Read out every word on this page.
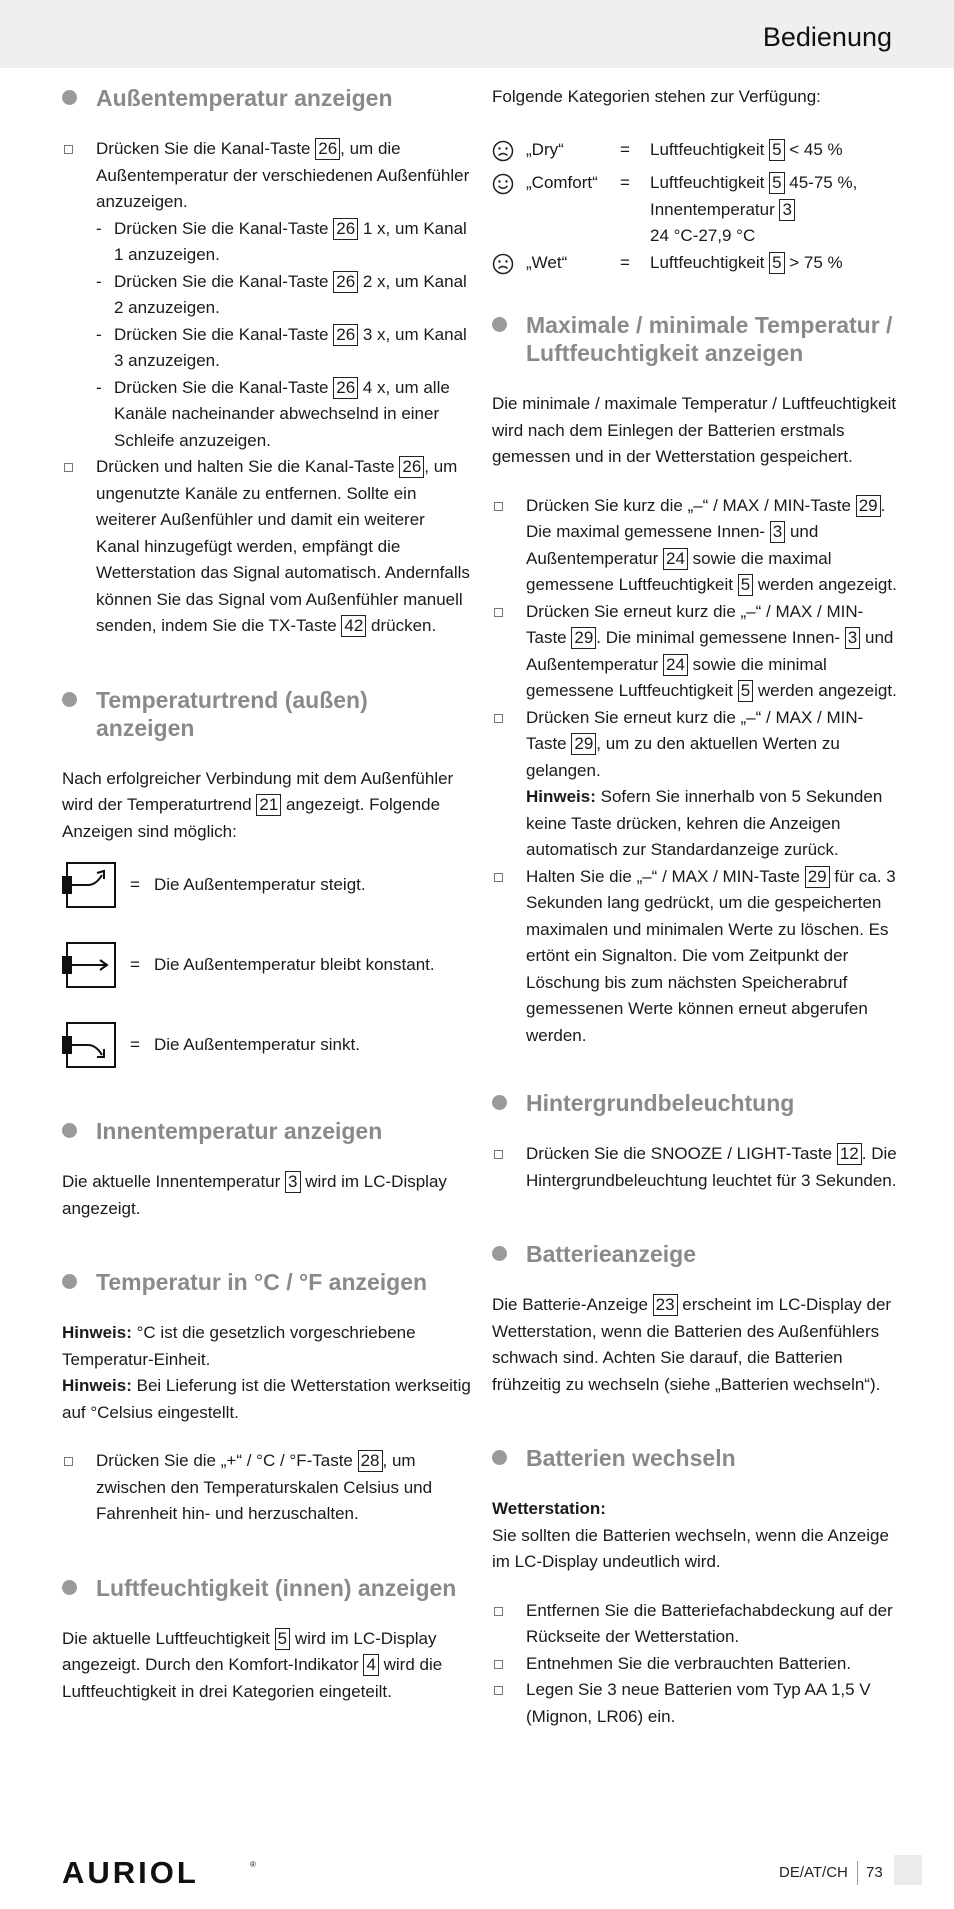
Bedienung
Außentemperatur anzeigen
Drücken Sie die Kanal-Taste 26 , um die Außentemperatur der verschiedenen Außenfühler anzuzeigen.
- Drücken Sie die Kanal-Taste 26 1 x, um Kanal 1 anzuzeigen.
- Drücken Sie die Kanal-Taste 26 2 x, um Kanal 2 anzuzeigen.
- Drücken Sie die Kanal-Taste 26 3 x, um Kanal 3 anzuzeigen.
- Drücken Sie die Kanal-Taste 26 4 x, um alle Kanäle nacheinander abwechselnd in einer Schleife anzuzeigen.
Drücken und halten Sie die Kanal-Taste 26 , um ungenutzte Kanäle zu entfernen. Sollte ein weiterer Außenfühler und damit ein weiterer Kanal hinzugefügt werden, empfängt die Wetterstation das Signal automatisch. Andernfalls können Sie das Signal vom Außenfühler manuell senden, indem Sie die TX-Taste 42 drücken.
Temperaturtrend (außen) anzeigen

Nach erfolgreicher Verbindung mit dem Außenfühler wird der Temperaturtrend 21 angezeigt. Folgende Anzeigen sind möglich:

= Die Außentemperatur steigt.
= Die Außentemperatur bleibt konstant.
= Die Außentemperatur sinkt.
Innentemperatur anzeigen

Die aktuelle Innentemperatur 3 wird im LC-Display angezeigt.

Temperatur in °C / °F anzeigen

Hinweis: °C ist die gesetzlich vorgeschriebene Temperatur-Einheit.

Hinweis: Bei Lieferung ist die Wetterstation werkseitig auf °Celsius eingestellt.

Drücken Sie die „+“ / °C / °F-Taste 28 , um zwischen den Temperaturskalen Celsius und Fahrenheit hin- und herzuschalten.
Luftfeuchtigkeit (innen) anzeigen

Die aktuelle Luftfeuchtigkeit 5 wird im LC-Display angezeigt. Durch den Komfort-Indikator 4 wird die Luftfeuchtigkeit in drei Kategorien eingeteilt.

Folgende Kategorien stehen zur Verfügung:

„Dry“	=	Luftfeuchtigkeit 5 < 45 %
„Comfort“	=	Luftfeuchtigkeit 5 45-75 %,
Innentemperatur 3
24 °C-27,9 °C
„Wet“	=	Luftfeuchtigkeit 5 > 75 %
Maximale / minimale Temperatur / Luftfeuchtigkeit anzeigen

Die minimale / maximale Temperatur / Luftfeuchtigkeit wird nach dem Einlegen der Batterien erstmals gemessen und in der Wetterstation gespeichert.

Drücken Sie kurz die „–“ / MAX / MIN-Taste 29 . Die maximal gemessene Innen- 3 und Außentemperatur 24 sowie die maximal gemessene Luftfeuchtigkeit 5 werden angezeigt.
Drücken Sie erneut kurz die „–“ / MAX / MIN-Taste 29 . Die minimal gemessene Innen- 3 und Außentemperatur 24 sowie die minimal gemessene Luftfeuchtigkeit 5 werden angezeigt.
Drücken Sie erneut kurz die „–“ / MAX / MIN-Taste 29 , um zu den aktuellen Werten zu gelangen.
Hinweis: Sofern Sie innerhalb von 5 Sekunden keine Taste drücken, kehren die Anzeigen automatisch zur Standardanzeige zurück.
Halten Sie die „–“ / MAX / MIN-Taste 29 für ca. 3 Sekunden lang gedrückt, um die gespeicherten maximalen und minimalen Werte zu löschen. Es ertönt ein Signalton. Die vom Zeitpunkt der Löschung bis zum nächsten Speicherabruf gemessenen Werte können erneut abgerufen werden.
Hintergrundbeleuchtung
Drücken Sie die SNOOZE / LIGHT-Taste 12 . Die Hintergrundbeleuchtung leuchtet für 3 Sekunden.
Batterieanzeige

Die Batterie-Anzeige 23 erscheint im LC-Display der Wetterstation, wenn die Batterien des Außenfühlers schwach sind. Achten Sie darauf, die Batterien frühzeitig zu wechseln (siehe „Batterien wechseln“).

Batterien wechseln

Wetterstation:
Sie sollten die Batterien wechseln, wenn die Anzeige im LC-Display undeutlich wird.

Entfernen Sie die Batteriefachabdeckung auf der Rückseite der Wetterstation.
Entnehmen Sie die verbrauchten Batterien.
Legen Sie 3 neue Batterien vom Typ AA 1,5 V (Mignon, LR06) ein.
AURIOL	®	DE/AT/CH 73
